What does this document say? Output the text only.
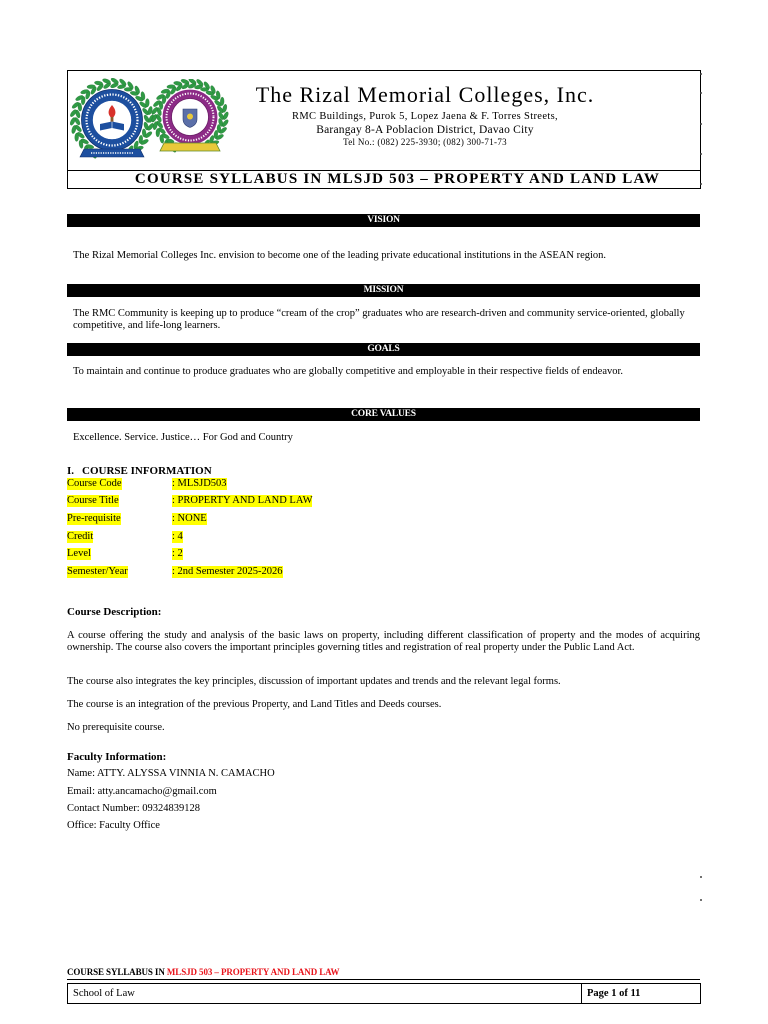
COURSE SYLLABUS IN MLSJD 503 – PROPERTY AND LAND LAW
The Rizal Memorial Colleges, Inc.
RMC Buildings, Purok 5, Lopez Jaena & F. Torres Streets,
Barangay 8-A Poblacion District, Davao City
Tel No.: (082) 225-3930; (082) 300-71-73
VISION
The Rizal Memorial Colleges Inc. envision to become one of the leading private educational institutions in the ASEAN region.
MISSION
The RMC Community is keeping up to produce “cream of the crop” graduates who are research-driven and community service-oriented, globally competitive, and life-long learners.
GOALS
To maintain and continue to produce graduates who are globally competitive and employable in their respective fields of endeavor.
CORE VALUES
Excellence. Service. Justice… For God and Country
I. COURSE INFORMATION
Course Code	: MLSJD503
Course Title	: PROPERTY AND LAND LAW
Pre-requisite	: NONE
Credit	: 4
Level	: 2
Semester/Year	: 2nd Semester 2025-2026
Course Description:
A course offering the study and analysis of the basic laws on property, including different classification of property and the modes of acquiring ownership. The course also covers the important principles governing titles and registration of real property under the Public Land Act.
The course also integrates the key principles, discussion of important updates and trends and the relevant legal forms.
The course is an integration of the previous Property, and Land Titles and Deeds courses.
No prerequisite course.
Faculty Information:
Name: ATTY. ALYSSA VINNIA N. CAMACHO
Email: atty.ancamacho@gmail.com
Contact Number: 09324839128
Office: Faculty Office
COURSE SYLLABUS IN MLSJD 503 – PROPERTY AND LAND LAW
School of Law	Page 1 of 11
